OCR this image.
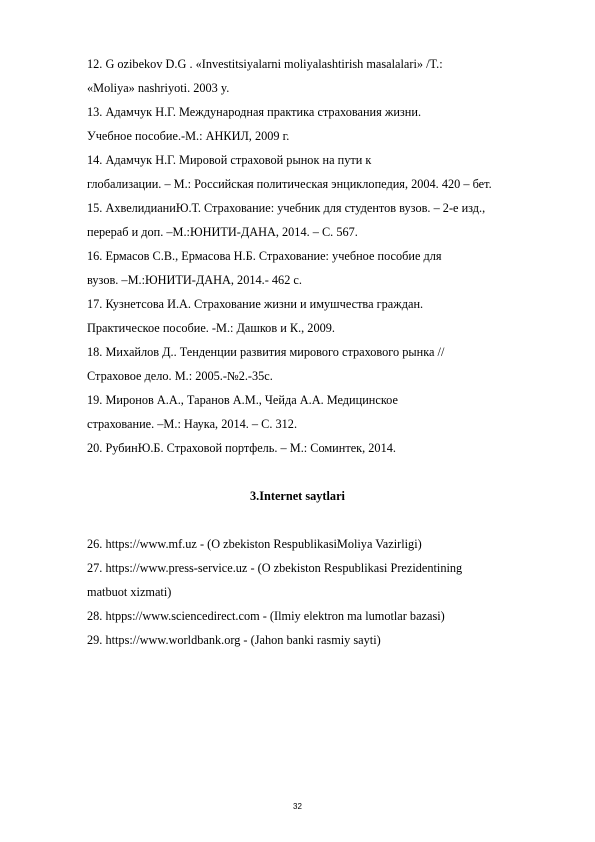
12. G ozibekov D.G . «Investitsiyalarni moliyalashtirish masalalari» /T.:
«Moliya» nashriyoti. 2003 y.
13. Адамчук Н.Г. Международная практика страхования жизни.
Учебное пособие.-М.: АНКИЛ, 2009 г.
14. Адамчук Н.Г. Мировой страховой рынок на пути к
глобализации. – М.: Российская политическая энциклопедия, 2004. 420 – бет.
15. АхвелидианиЮ.Т. Страхование: учебник для студентов вузов. – 2-е изд.,
перераб и доп. –М.:ЮНИТИ-ДАНА, 2014. – С. 567.
16. Ермасов С.В., Ермасова Н.Б. Страхование: учебное пособие для
вузов. –М.:ЮНИТИ-ДАНА, 2014.- 462 с.
17. Кузнетсова И.А. Страхование жизни и имушчества граждан.
Практическое пособие. -М.: Дашков и К., 2009.
18. Михайлов Д.. Тенденции развития мирового страхового рынка //
Страховое дело. М.: 2005.-№2.-35с.
19. Миронов А.А., Таранов А.М., Чейда А.А. Медицинское
страхование. –М.: Наука, 2014. – С. 312.
20. РубинЮ.Б. Страховой портфель. – М.: Соминтек, 2014.
3.Internet saytlari
26. https://www.mf.uz - (O zbekiston RespublikasiMoliya Vazirligi)
27. https://www.press-service.uz - (O zbekiston Respublikasi Prezidentining
matbuot xizmati)
28. htpps://www.sciencedirect.com - (Ilmiy elektron ma lumotlar bazasi)
29. https://www.worldbank.org - (Jahon banki rasmiy sayti)
32
